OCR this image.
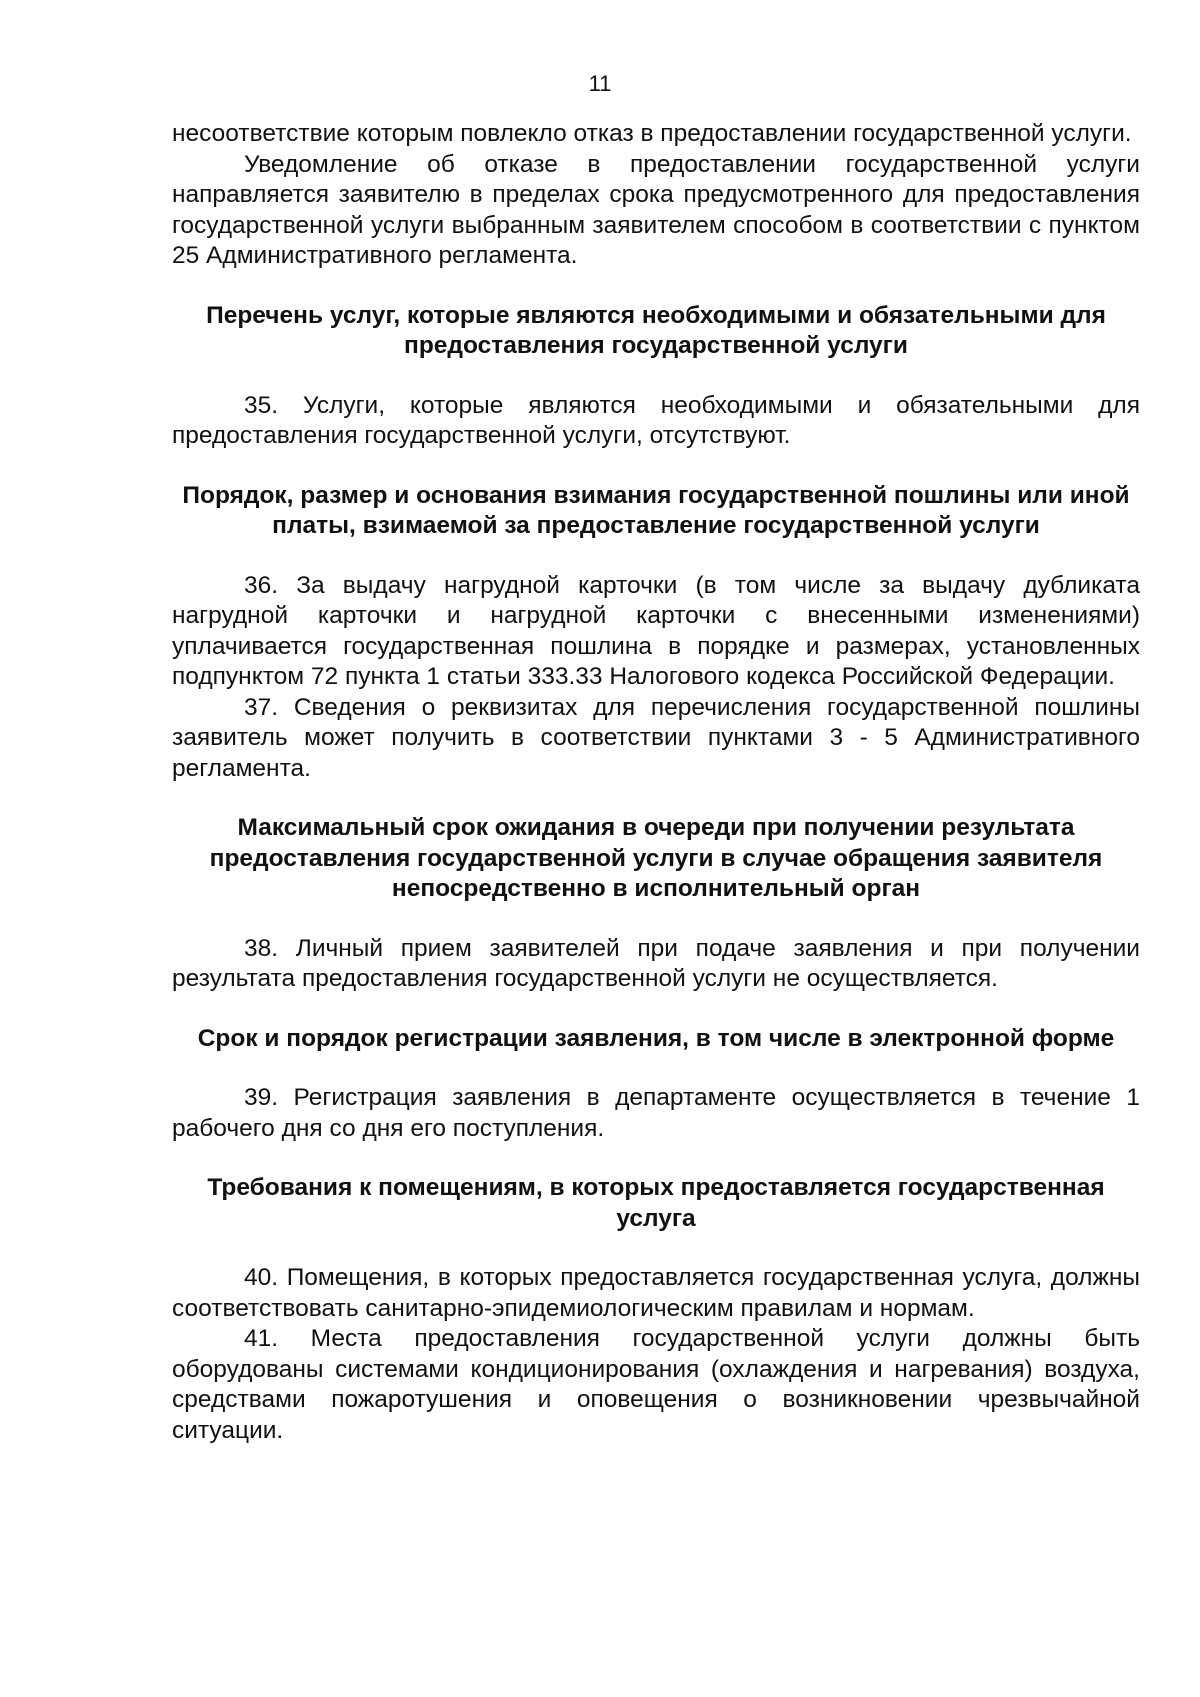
11

несоответствие которым повлекло отказ в предоставлении государственной услуги.

Уведомление об отказе в предоставлении государственной услуги направляется заявителю в пределах срока предусмотренного для предоставления государственной услуги выбранным заявителем способом в соответствии с пунктом 25 Административного регламента.

Перечень услуг, которые являются необходимыми и обязательными для предоставления государственной услуги

35. Услуги, которые являются необходимыми и обязательными для предоставления государственной услуги, отсутствуют.

Порядок, размер и основания взимания государственной пошлины или иной платы, взимаемой за предоставление государственной услуги

36. За выдачу нагрудной карточки (в том числе за выдачу дубликата нагрудной карточки и нагрудной карточки с внесенными изменениями) уплачивается государственная пошлина в порядке и размерах, установленных подпунктом 72 пункта 1 статьи 333.33 Налогового кодекса Российской Федерации.

37. Сведения о реквизитах для перечисления государственной пошлины заявитель может получить в соответствии пунктами 3 - 5 Административного регламента.

Максимальный срок ожидания в очереди при получении результата предоставления государственной услуги в случае обращения заявителя непосредственно в исполнительный орган

38. Личный прием заявителей при подаче заявления и при получении результата предоставления государственной услуги не осуществляется.

Срок и порядок регистрации заявления, в том числе в электронной форме

39. Регистрация заявления в департаменте осуществляется в течение 1 рабочего дня со дня его поступления.

Требования к помещениям, в которых предоставляется государственная услуга

40. Помещения, в которых предоставляется государственная услуга, должны соответствовать санитарно-эпидемиологическим правилам и нормам.

41. Места предоставления государственной услуги должны быть оборудованы системами кондиционирования (охлаждения и нагревания) воздуха, средствами пожаротушения и оповещения о возникновении чрезвычайной ситуации.
